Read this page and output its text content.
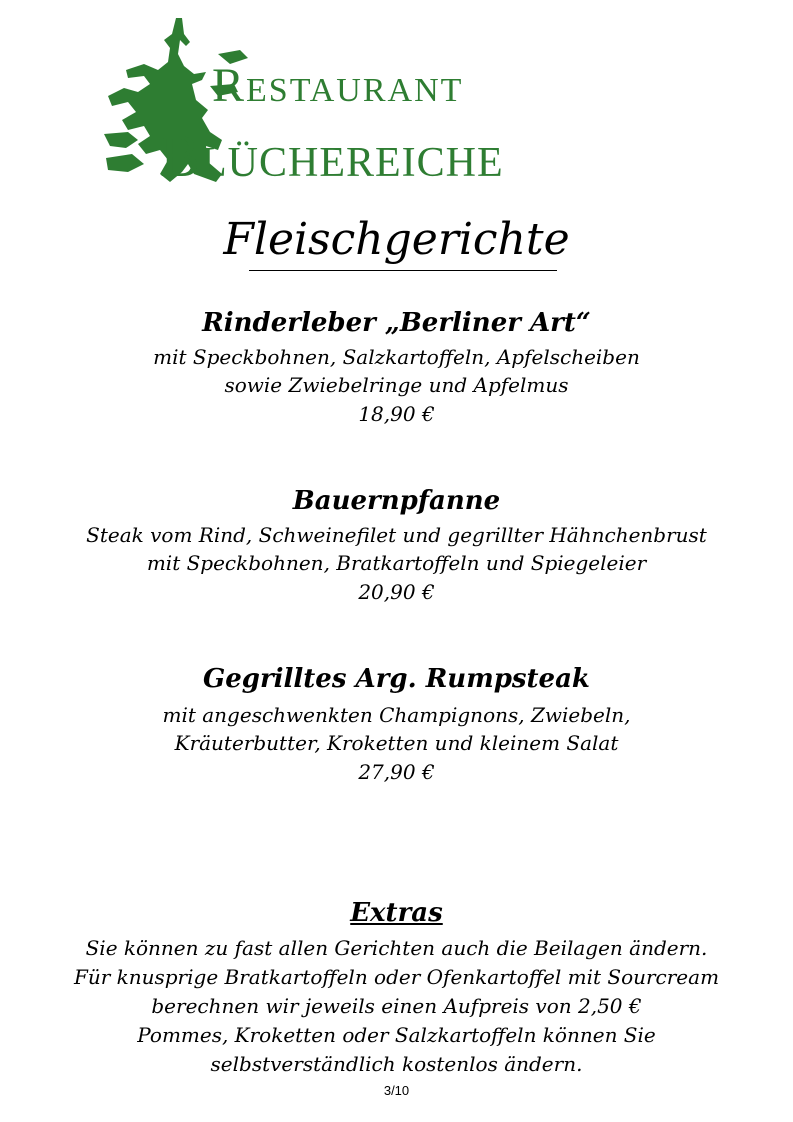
Restaurant
Blüchereiche
Fleischgerichte
Rinderleber „Berliner Art“
mit Speckbohnen, Salzkartoffeln, Apfelscheiben
sowie Zwiebelringe und Apfelmus
18,90 €
Bauernpfanne
Steak vom Rind, Schweinefilet und gegrillter Hähnchenbrust
mit Speckbohnen, Bratkartoffeln und Spiegeleier
20,90 €
Gegrilltes Arg. Rumpsteak
mit angeschwenkten Champignons, Zwiebeln,
Kräuterbutter, Kroketten und kleinem Salat
27,90 €
Extras
Sie können zu fast allen Gerichten auch die Beilagen ändern.
Für knusprige Bratkartoffeln oder Ofenkartoffel mit Sourcream
berechnen wir jeweils einen Aufpreis von 2,50 €
Pommes, Kroketten oder Salzkartoffeln können Sie
selbstverständlich kostenlos ändern.
3/10
